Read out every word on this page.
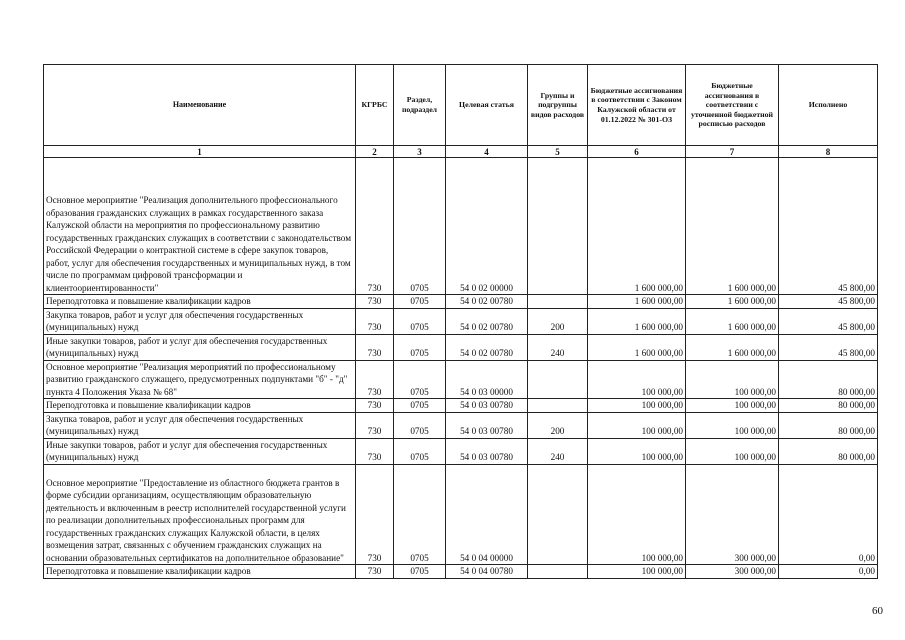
Наименование	КГРБС	Раздел, подраздел	Целевая статья	Группы и подгруппы видов расходов	Бюджетные ассигнования в соответствии с Законом Калужской области от 01.12.2022 № 301-ОЗ	Бюджетные ассигнования в соответствии с уточненной бюджетной росписью расходов	Исполнено
1	2	3	4	5	6	7	8
Основное мероприятие "Реализация дополнительного профессионального образования гражданских служащих в рамках государственного заказа Калужской области на мероприятия по профессиональному развитию государственных гражданских служащих в соответствии с законодательством Российской Федерации о контрактной системе в сфере закупок товаров, работ, услуг для обеспечения государственных и муниципальных нужд, в том числе по программам цифровой трансформации и клиентоориентированности"	730	0705	54 0 02 00000		1 600 000,00	1 600 000,00	45 800,00
Переподготовка и повышение квалификации кадров	730	0705	54 0 02 00780		1 600 000,00	1 600 000,00	45 800,00
Закупка товаров, работ и услуг для обеспечения государственных (муниципальных) нужд	730	0705	54 0 02 00780	200	1 600 000,00	1 600 000,00	45 800,00
Иные закупки товаров, работ и услуг для обеспечения государственных (муниципальных) нужд	730	0705	54 0 02 00780	240	1 600 000,00	1 600 000,00	45 800,00
Основное мероприятие "Реализация мероприятий по профессиональному развитию гражданского служащего, предусмотренных подпунктами "б" - "д" пункта 4 Положения Указа № 68"	730	0705	54 0 03 00000		100 000,00	100 000,00	80 000,00
Переподготовка и повышение квалификации кадров	730	0705	54 0 03 00780		100 000,00	100 000,00	80 000,00
Закупка товаров, работ и услуг для обеспечения государственных (муниципальных) нужд	730	0705	54 0 03 00780	200	100 000,00	100 000,00	80 000,00
Иные закупки товаров, работ и услуг для обеспечения государственных (муниципальных) нужд	730	0705	54 0 03 00780	240	100 000,00	100 000,00	80 000,00
Основное мероприятие "Предоставление из областного бюджета грантов в форме субсидии организациям, осуществляющим образовательную деятельность и включенным в реестр исполнителей государственной услуги по реализации дополнительных профессиональных программ для государственных гражданских служащих Калужской области, в целях возмещения затрат, связанных с обучением гражданских служащих на основании образовательных сертификатов на дополнительное образование"	730	0705	54 0 04 00000		100 000,00	300 000,00	0,00
Переподготовка и повышение квалификации кадров	730	0705	54 0 04 00780		100 000,00	300 000,00	0,00
60
